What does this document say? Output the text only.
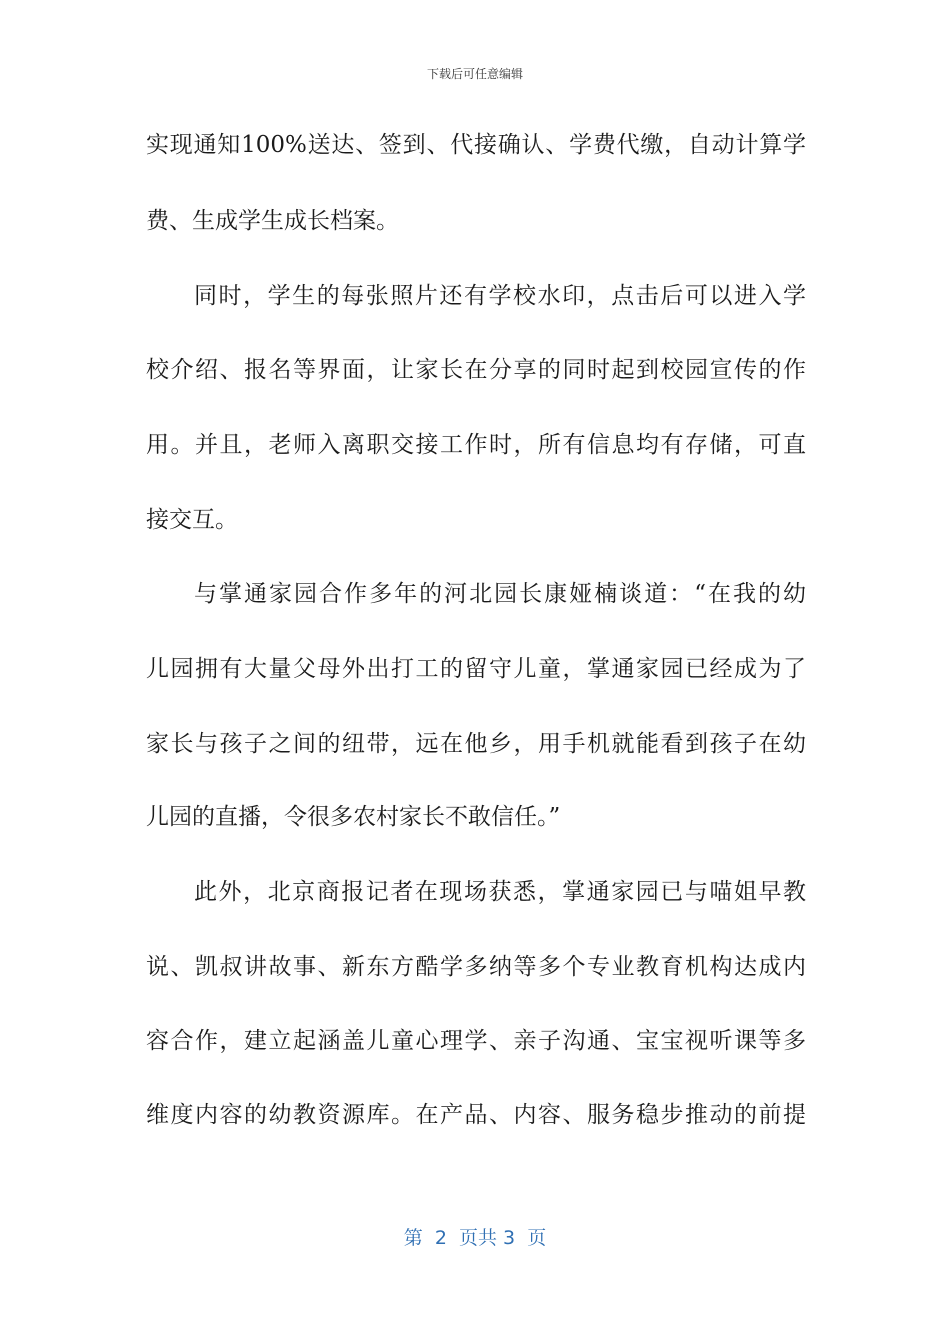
下载后可任意编辑
实现通知100%送达、签到、代接确认、学费代缴，自动计算学
费、生成学生成长档案。
同时，学生的每张照片还有学校水印，点击后可以进入学
校介绍、报名等界面，让家长在分享的同时起到校园宣传的作
用。并且，老师入离职交接工作时，所有信息均有存储，可直
接交互。
与掌通家园合作多年的河北园长康娅楠谈道：“在我的幼
儿园拥有大量父母外出打工的留守儿童，掌通家园已经成为了
家长与孩子之间的纽带，远在他乡，用手机就能看到孩子在幼
儿园的直播，令很多农村家长不敢信任。”
此外，北京商报记者在现场获悉，掌通家园已与喵姐早教
说、凯叔讲故事、新东方酷学多纳等多个专业教育机构达成内
容合作，建立起涵盖儿童心理学、亲子沟通、宝宝视听课等多
维度内容的幼教资源库。在产品、内容、服务稳步推动的前提
第  2  页共 3  页
